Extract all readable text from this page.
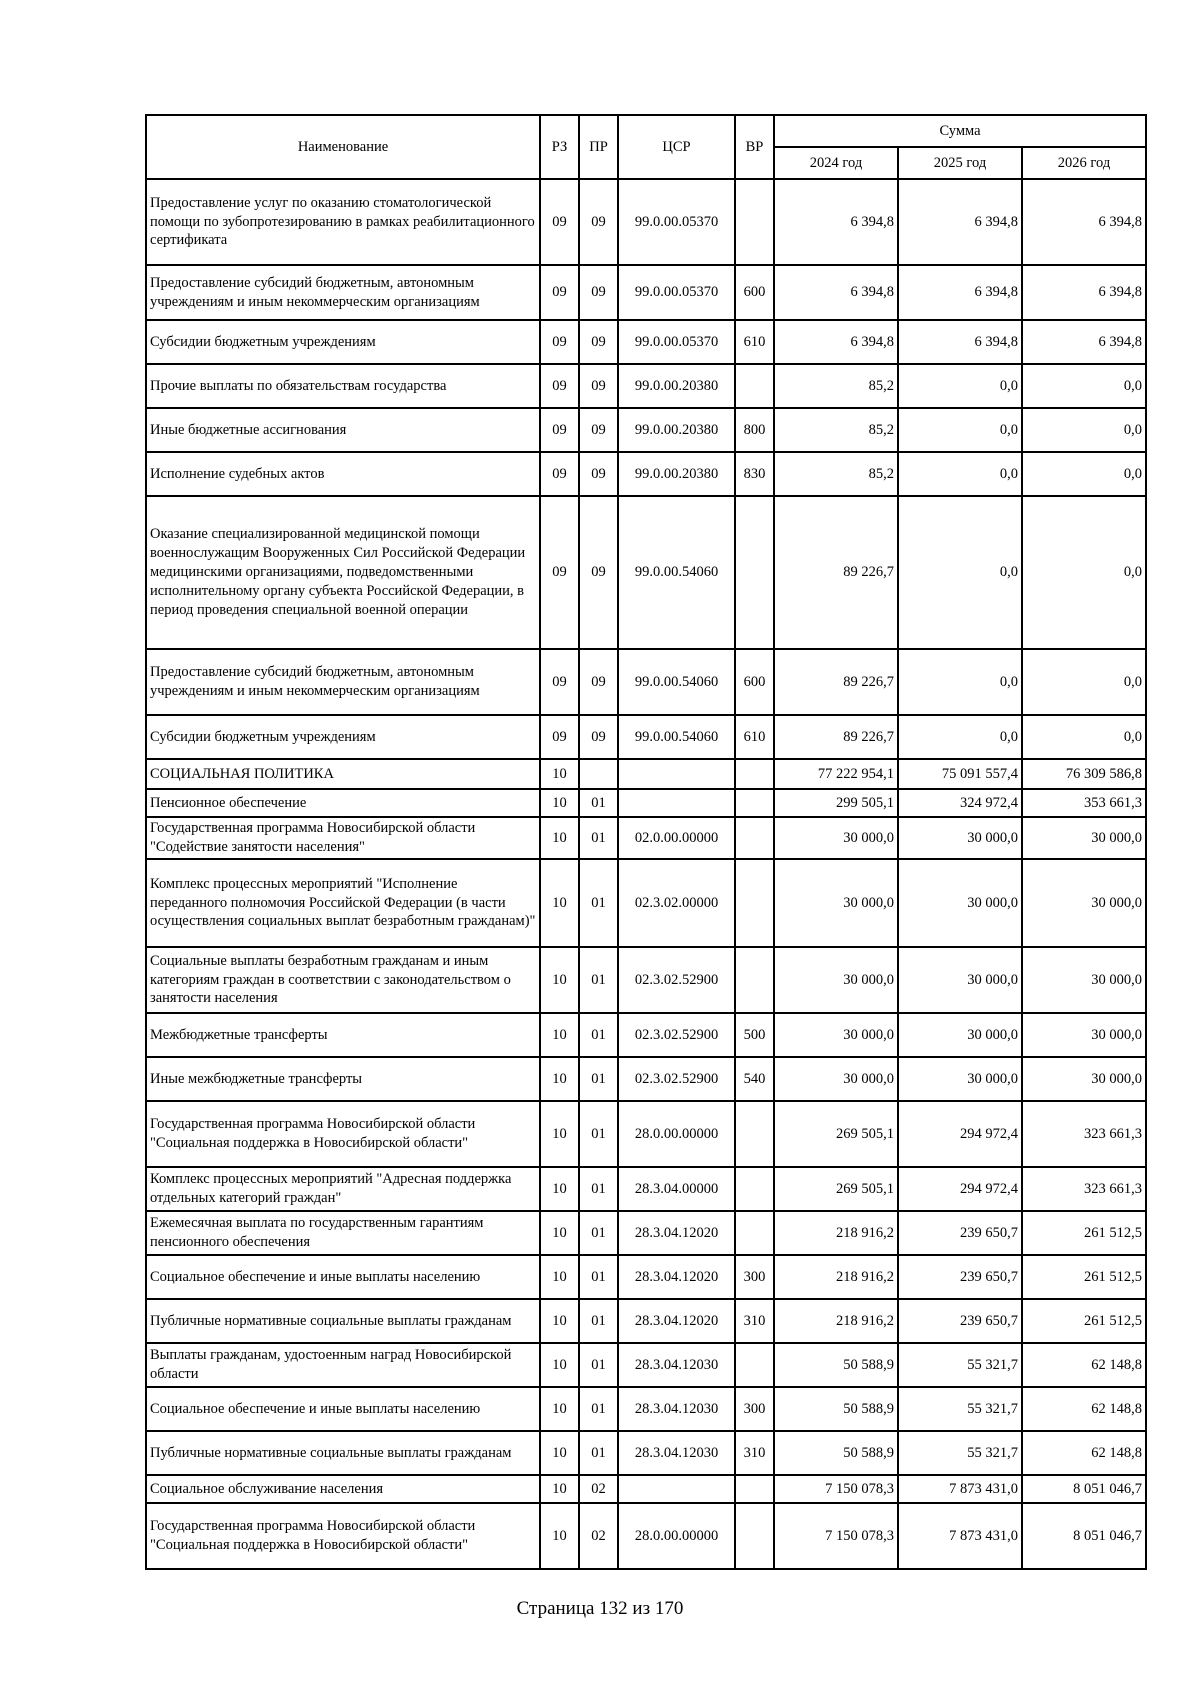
Наименование	РЗ	ПР	ЦСР	ВР	Сумма		
					2024 год	2025 год	2026 год
Предоставление услуг по оказанию стоматологической помощи по зубопротезированию в рамках реабилитационного сертификата	09	09	99.0.00.05370		6 394,8	6 394,8	6 394,8
Предоставление субсидий бюджетным, автономным учреждениям и иным некоммерческим организациям	09	09	99.0.00.05370	600	6 394,8	6 394,8	6 394,8
Субсидии бюджетным учреждениям	09	09	99.0.00.05370	610	6 394,8	6 394,8	6 394,8
Прочие выплаты по обязательствам государства	09	09	99.0.00.20380		85,2	0,0	0,0
Иные бюджетные ассигнования	09	09	99.0.00.20380	800	85,2	0,0	0,0
Исполнение судебных актов	09	09	99.0.00.20380	830	85,2	0,0	0,0
Оказание специализированной медицинской помощи военнослужащим Вооруженных Сил Российской Федерации медицинскими организациями, подведомственными исполнительному органу субъекта Российской Федерации, в период проведения специальной военной операции	09	09	99.0.00.54060		89 226,7	0,0	0,0
Предоставление субсидий бюджетным, автономным учреждениям и иным некоммерческим организациям	09	09	99.0.00.54060	600	89 226,7	0,0	0,0
Субсидии бюджетным учреждениям	09	09	99.0.00.54060	610	89 226,7	0,0	0,0
СОЦИАЛЬНАЯ ПОЛИТИКА	10				77 222 954,1	75 091 557,4	76 309 586,8
Пенсионное обеспечение	10	01			299 505,1	324 972,4	353 661,3
Государственная программа Новосибирской области "Содействие занятости населения"	10	01	02.0.00.00000		30 000,0	30 000,0	30 000,0
Комплекс процессных мероприятий "Исполнение переданного полномочия Российской Федерации (в части осуществления социальных выплат безработным гражданам)"	10	01	02.3.02.00000		30 000,0	30 000,0	30 000,0
Социальные выплаты безработным гражданам и иным категориям граждан в соответствии с законодательством о занятости населения	10	01	02.3.02.52900		30 000,0	30 000,0	30 000,0
Межбюджетные трансферты	10	01	02.3.02.52900	500	30 000,0	30 000,0	30 000,0
Иные межбюджетные трансферты	10	01	02.3.02.52900	540	30 000,0	30 000,0	30 000,0
Государственная программа Новосибирской области "Социальная поддержка в Новосибирской области"	10	01	28.0.00.00000		269 505,1	294 972,4	323 661,3
Комплекс процессных мероприятий "Адресная поддержка отдельных категорий граждан"	10	01	28.3.04.00000		269 505,1	294 972,4	323 661,3
Ежемесячная выплата по государственным гарантиям пенсионного обеспечения	10	01	28.3.04.12020		218 916,2	239 650,7	261 512,5
Социальное обеспечение и иные выплаты населению	10	01	28.3.04.12020	300	218 916,2	239 650,7	261 512,5
Публичные нормативные социальные выплаты гражданам	10	01	28.3.04.12020	310	218 916,2	239 650,7	261 512,5
Выплаты гражданам, удостоенным наград Новосибирской области	10	01	28.3.04.12030		50 588,9	55 321,7	62 148,8
Социальное обеспечение и иные выплаты населению	10	01	28.3.04.12030	300	50 588,9	55 321,7	62 148,8
Публичные нормативные социальные выплаты гражданам	10	01	28.3.04.12030	310	50 588,9	55 321,7	62 148,8
Социальное обслуживание населения	10	02			7 150 078,3	7 873 431,0	8 051 046,7
Государственная программа Новосибирской области "Социальная поддержка в Новосибирской области"	10	02	28.0.00.00000		7 150 078,3	7 873 431,0	8 051 046,7
Страница 132 из 170
